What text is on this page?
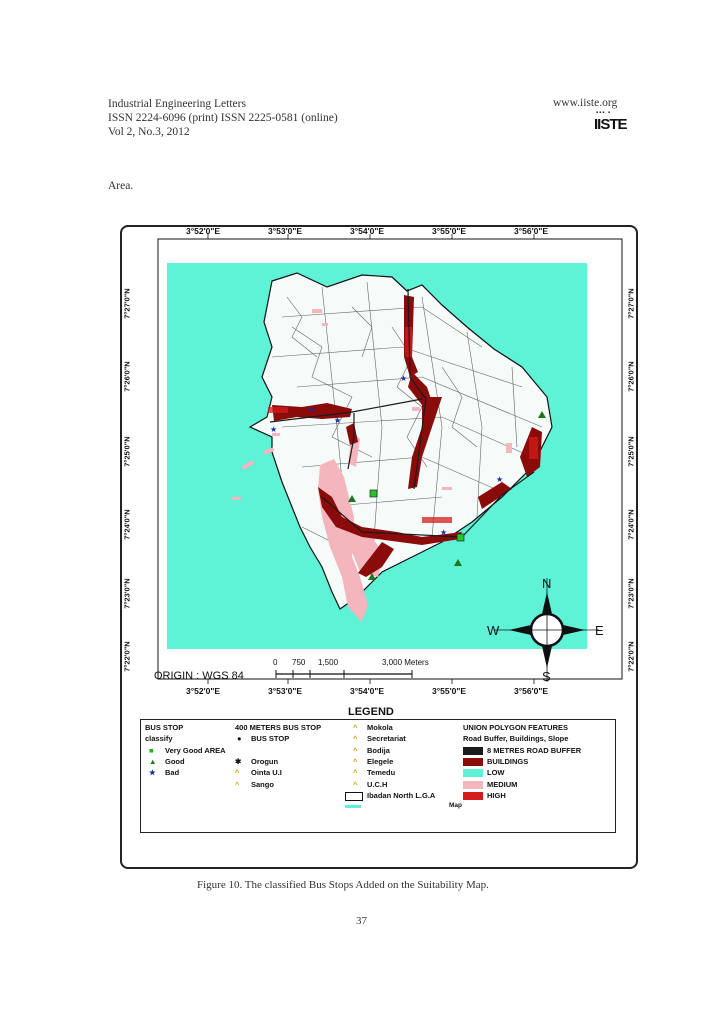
Industrial Engineering Letters
ISSN 2224-6096 (print) ISSN 2225-0581 (online)
Vol 2, No.3, 2012
www.iiste.org
▪▪▪ ▪
IISTE
Area.
★
★
★
★
★
★
3°52'0"E	3°53'0"E	3°54'0"E	3°55'0"E	3°56'0"E
3°52'0"E	3°53'0"E	3°54'0"E	3°55'0"E	3°56'0"E
7°27'0"N
7°26'0"N
7°25'0"N
7°24'0"N
7°23'0"N
7°22'0"N
7°27'0"N
7°26'0"N
7°25'0"N
7°24'0"N
7°23'0"N
7°22'0"N
N
S
E
W
ORIGIN : WGS 84
0 750 1,500	3,000 Meters
LEGEND
BUS STOP
classify
■ Very Good AREA
▲ Good
★ Bad
400 METERS BUS STOP
● BUS STOP
✱ Orogun
^ Ointa U.I
^ Sango
^ Mokola
^ Secretariat
^ Bodija
^ Elegele
^ Temedu
^ U.C.H
Ibadan North L.G.A
Map
UNION POLYGON FEATURES
Road Buffer, Buildings, Slope
8 METRES ROAD BUFFER
BUILDINGS
LOW
MEDIUM
HIGH
Figure 10. The classified Bus Stops Added on the Suitability Map.
37
